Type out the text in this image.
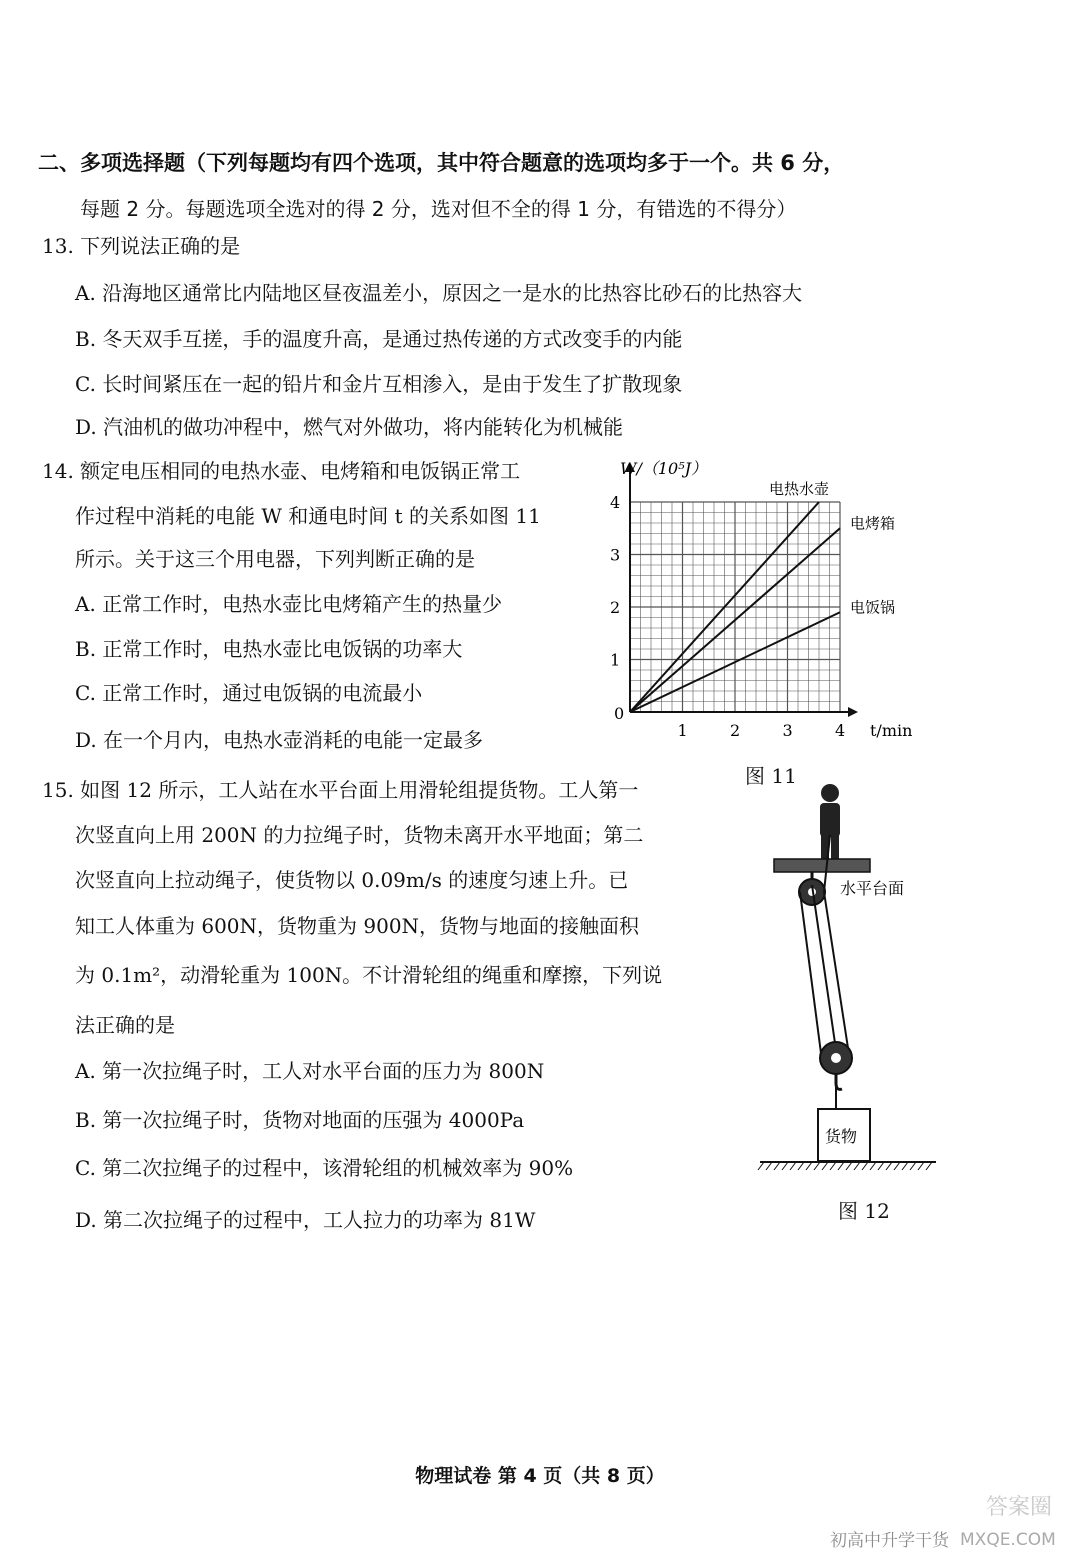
二、多项选择题（下列每题均有四个选项，其中符合题意的选项均多于一个。共 6 分，
每题 2 分。每题选项全选对的得 2 分，选对但不全的得 1 分，有错选的不得分）
13. 下列说法正确的是
A. 沿海地区通常比内陆地区昼夜温差小，原因之一是水的比热容比砂石的比热容大
B. 冬天双手互搓，手的温度升高，是通过热传递的方式改变手的内能
C. 长时间紧压在一起的铅片和金片互相渗入，是由于发生了扩散现象
D. 汽油机的做功冲程中，燃气对外做功，将内能转化为机械能
14. 额定电压相同的电热水壶、电烤箱和电饭锅正常工
作过程中消耗的电能 W 和通电时间 t 的关系如图 11
所示。关于这三个用电器，下列判断正确的是
A. 正常工作时，电热水壶比电烤箱产生的热量少
B. 正常工作时，电热水壶比电饭锅的功率大
C. 正常工作时，通过电饭锅的电流最小
D. 在一个月内，电热水壶消耗的电能一定最多
W/（10⁵J）
t/min
0
1	2	3	4
1
2
3
4
电热水壶
电烤箱
电饭锅
图 11
15. 如图 12 所示，工人站在水平台面上用滑轮组提货物。工人第一
次竖直向上用 200N 的力拉绳子时，货物未离开水平地面；第二
次竖直向上拉动绳子，使货物以 0.09m/s 的速度匀速上升。已
知工人体重为 600N，货物重为 900N，货物与地面的接触面积
为 0.1m²，动滑轮重为 100N。不计滑轮组的绳重和摩擦，下列说
法正确的是
A. 第一次拉绳子时，工人对水平台面的压力为 800N
B. 第一次拉绳子时，货物对地面的压强为 4000Pa
C. 第二次拉绳子的过程中，该滑轮组的机械效率为 90%
D. 第二次拉绳子的过程中，工人拉力的功率为 81W
水平台面
货物
图 12
物理试卷 第 4 页（共 8 页）
答案圈
初高中升学干货 MXQE.COM
